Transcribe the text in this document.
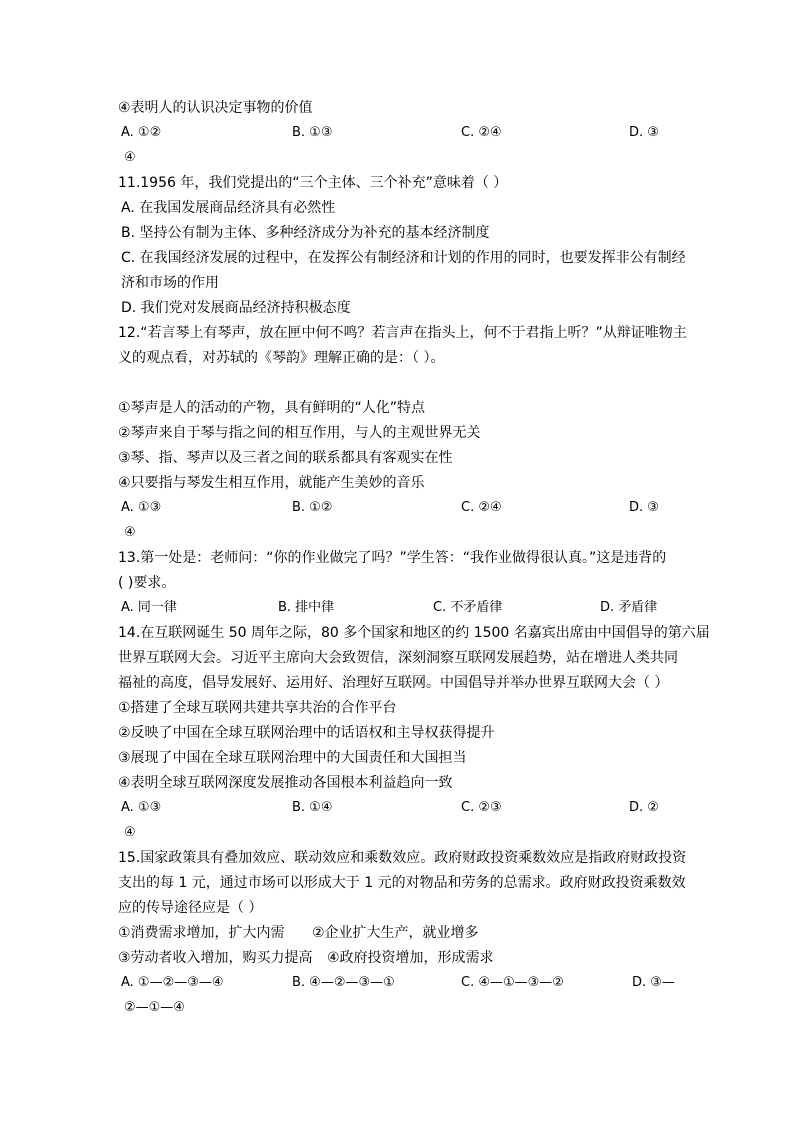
④表明人的认识决定事物的价值
A. ①②	B. ①③	C. ②④	D. ③
④
11.1956 年，我们党提出的“三个主体、三个补充”意味着（ ）
A. 在我国发展商品经济具有必然性
B. 坚持公有制为主体、多种经济成分为补充的基本经济制度
C. 在我国经济发展的过程中，在发挥公有制经济和计划的作用的同时，也要发挥非公有制经
济和市场的作用
D. 我们党对发展商品经济持积极态度
12.“若言琴上有琴声，放在匣中何不鸣？若言声在指头上，何不于君指上听？”从辩证唯物主
义的观点看，对苏轼的《琴韵》理解正确的是：（ ）。
①琴声是人的活动的产物，具有鲜明的“人化”特点
②琴声来自于琴与指之间的相互作用，与人的主观世界无关
③琴、指、琴声以及三者之间的联系都具有客观实在性
④只要指与琴发生相互作用，就能产生美妙的音乐
A. ①③	B. ①②	C. ②④	D. ③
④
13.第一处是：老师问：“你的作业做完了吗？”学生答：“我作业做得很认真。”这是违背的
( )要求。
A. 同一律	B. 排中律	C. 不矛盾律	D. 矛盾律
14.在互联网诞生 50 周年之际，80 多个国家和地区的约 1500 名嘉宾出席由中国倡导的第六届
世界互联网大会。习近平主席向大会致贺信，深刻洞察互联网发展趋势，站在增进人类共同
福祉的高度，倡导发展好、运用好、治理好互联网。中国倡导并举办世界互联网大会（ ）
①搭建了全球互联网共建共享共治的合作平台
②反映了中国在全球互联网治理中的话语权和主导权获得提升
③展现了中国在全球互联网治理中的大国责任和大国担当
④表明全球互联网深度发展推动各国根本利益趋向一致
A. ①③	B. ①④	C. ②③	D. ②
④
15.国家政策具有叠加效应、联动效应和乘数效应。政府财政投资乘数效应是指政府财政投资
支出的每 1 元，通过市场可以形成大于 1 元的对物品和劳务的总需求。政府财政投资乘数效
应的传导途径应是（ ）
①消费需求增加，扩大内需 ②企业扩大生产，就业增多
③劳动者收入增加，购买力提高 ④政府投资增加，形成需求
A. ①—②—③—④	B. ④—②—③—①	C. ④—①—③—②	D. ③—
②—①—④
